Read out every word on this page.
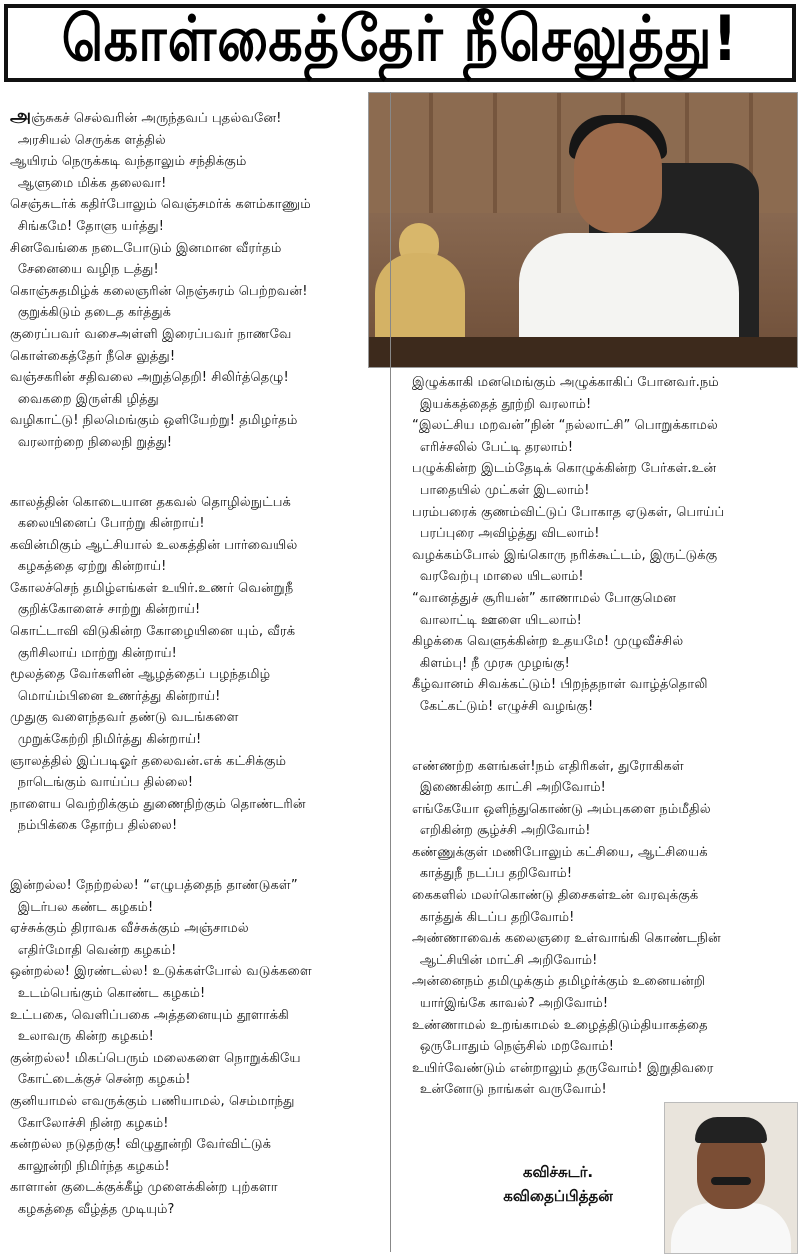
கொள்கைத்தேர் நீசெலுத்து!
அஞ்சுகச் செல்வரின் அருந்தவப் புதல்வனே!
அரசியல் செருக்க ளத்தில்
ஆயிரம் நெருக்கடி வந்தாலும் சந்திக்கும்
ஆளுமை மிக்க தலைவா!
செஞ்சுடர்க் கதிர்போலும் வெஞ்சமர்க் களம்காணும்
சிங்கமே! தோளு யர்த்து!
சினவேங்கை நடைபோடும் இனமான வீரர்தம்
சேனையை வழிந டத்து!
கொஞ்சுதமிழ்க் கலைஞரின் நெஞ்சுரம் பெற்றவன்!
குறுக்கிடும் தடைத கர்த்துக்
குரைப்பவர் வசைஅள்ளி இரைப்பவர் நாணவே
கொள்கைத்தேர் நீசெ லுத்து!
வஞ்சகரின் சதிவலை அறுத்தெறி! சிலிர்த்தெழு!
வைகறை இருள்கி ழித்து
வழிகாட்டு! நிலமெங்கும் ஒளியேற்று! தமிழர்தம்
வரலாற்றை நிலைநி றுத்து!
காலத்தின் கொடையான தகவல் தொழில்நுட்பக்
கலையினைப் போற்று கின்றாய்!
கவின்மிகும் ஆட்சியால் உலகத்தின் பார்வையில்
கழகத்தை ஏற்று கின்றாய்!
கோலச்செந் தமிழ்எங்கள் உயிர்.உணர் வென்றுநீ
குறிக்கோளைச் சாற்று கின்றாய்!
கொட்டாவி விடுகின்ற கோழையினை யும், வீரக்
குரிசிலாய் மாற்று கின்றாய்!
மூலத்தை வேர்களின் ஆழத்தைப் பழந்தமிழ்
மொய்ம்பினை உணர்த்து கின்றாய்!
முதுகு வளைந்தவர் தண்டு வடங்களை
முறுக்கேற்றி நிமிர்த்து கின்றாய்!
ஞாலத்தில் இப்படிஓர் தலைவன்.எக் கட்சிக்கும்
நாடெங்கும் வாய்ப்ப தில்லை!
நாளைய வெற்றிக்கும் துணைநிற்கும் தொண்டரின்
நம்பிக்கை தோற்ப தில்லை!
இன்றல்ல! நேற்றல்ல! “எழுபத்தைந் தாண்டுகள்”
இடர்பல கண்ட கழகம்!
ஏச்சுக்கும் திராவக வீச்சுக்கும் அஞ்சாமல்
எதிர்மோதி வென்ற கழகம்!
ஒன்றல்ல! இரண்டல்ல! உடுக்கள்போல் வடுக்களை
உடம்பெங்கும் கொண்ட கழகம்!
உட்பகை, வெளிப்பகை அத்தனையும் தூளாக்கி
உலாவரு கின்ற கழகம்!
குன்றல்ல! மிகப்பெரும் மலைகளை நொறுக்கியே
கோட்டைக்குச் சென்ற கழகம்!
குனியாமல் எவருக்கும் பணியாமல், செம்மாந்து
கோலோச்சி நின்ற கழகம்!
கன்றல்ல நடுதற்கு! விழுதூன்றி வேர்விட்டுக்
காலூன்றி நிமிர்ந்த கழகம்!
காளான் குடைக்குக்கீழ் முளைக்கின்ற புற்களா
கழகத்தை வீழ்த்த முடியும்?
இழுக்காகி மனமெங்கும் அழுக்காகிப் போனவர்.நம்
இயக்கத்தைத் தூற்றி வரலாம்!
“இலட்சிய மறவன்”நின் “நல்லாட்சி” பொறுக்காமல்
எரிச்சலில் பேட்டி தரலாம்!
பழுக்கின்ற இடம்தேடிக் கொழுக்கின்ற பேர்கள்.உன்
பாதையில் முட்கள் இடலாம்!
பரம்பரைக் குணம்விட்டுப் போகாத ஏடுகள், பொய்ப்
பரப்புரை அவிழ்த்து விடலாம்!
வழக்கம்போல் இங்கொரு நரிக்கூட்டம், இருட்டுக்கு
வரவேற்பு மாலை யிடலாம்!
“வானத்துச் சூரியன்” காணாமல் போகுமென
வாலாட்டி ஊளை யிடலாம்!
கிழக்கை வெளுக்கின்ற உதயமே! முழுவீச்சில்
கிளம்பு! நீ முரசு முழங்கு!
கீழ்வானம் சிவக்கட்டும்! பிறந்தநாள் வாழ்த்தொலி
கேட்கட்டும்! எழுச்சி வழங்கு!
எண்ணற்ற களங்கள்!நம் எதிரிகள், துரோகிகள்
இணைகின்ற காட்சி அறிவோம்!
எங்கேயோ ஒளிந்துகொண்டு அம்புகளை நம்மீதில்
எறிகின்ற சூழ்ச்சி அறிவோம்!
கண்ணுக்குள் மணிபோலும் கட்சியை, ஆட்சியைக்
காத்துநீ நடப்ப தறிவோம்!
கைகளில் மலர்கொண்டு திசைகள்உன் வரவுக்குக்
காத்துக் கிடப்ப தறிவோம்!
அண்ணாவைக் கலைஞரை உள்வாங்கி கொண்டநின்
ஆட்சியின் மாட்சி அறிவோம்!
அன்னைநம் தமிழுக்கும் தமிழர்க்கும் உனையன்றி
யார்இங்கே காவல்? அறிவோம்!
உண்ணாமல் உறங்காமல் உழைத்திடும்தியாகத்தை
ஒருபோதும் நெஞ்சில் மறவோம்!
உயிர்வேண்டும் என்றாலும் தருவோம்! இறுதிவரை
உன்னோடு நாங்கள் வருவோம்!
கவிச்சுடர்.
கவிதைப்பித்தன்
